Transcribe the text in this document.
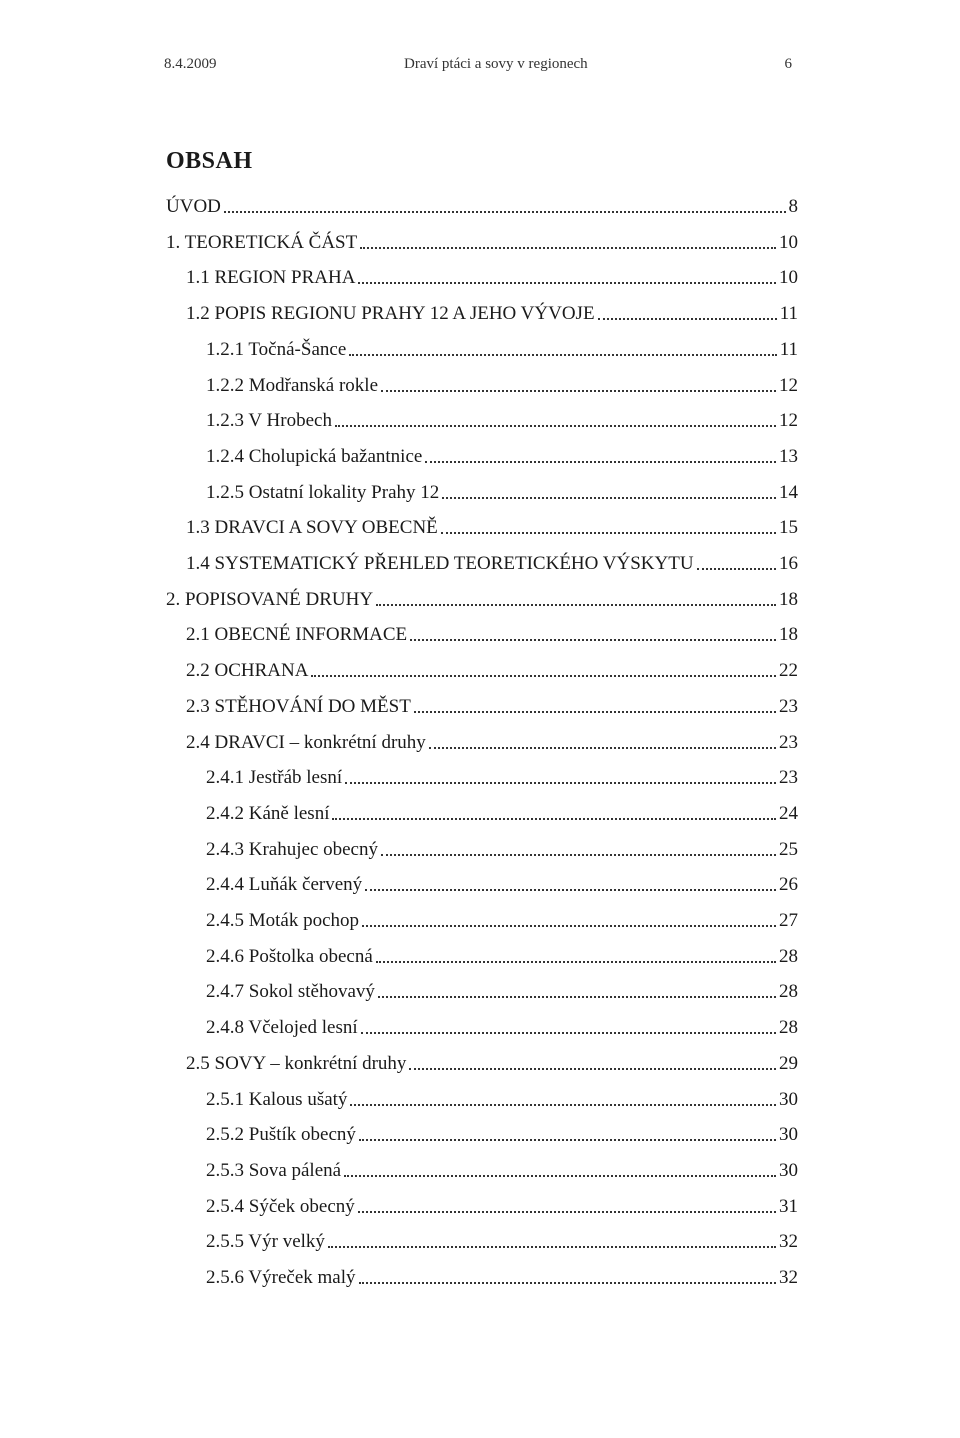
8.4.2009	Draví ptáci a sovy v regionech	6
OBSAH
ÚVOD	8
1. TEORETICKÁ ČÁST	10
1.1 REGION PRAHA	10
1.2 POPIS REGIONU PRAHY 12 A JEHO VÝVOJE	11
1.2.1 Točná-Šance	11
1.2.2 Modřanská rokle	12
1.2.3 V Hrobech	12
1.2.4 Cholupická bažantnice	13
1.2.5 Ostatní lokality Prahy 12	14
1.3 DRAVCI A SOVY OBECNĚ	15
1.4 SYSTEMATICKÝ PŘEHLED TEORETICKÉHO VÝSKYTU	16
2. POPISOVANÉ DRUHY	18
2.1 OBECNÉ INFORMACE	18
2.2 OCHRANA	22
2.3 STĚHOVÁNÍ DO MĚST	23
2.4 DRAVCI – konkrétní druhy	23
2.4.1 Jestřáb lesní	23
2.4.2 Káně lesní	24
2.4.3 Krahujec obecný	25
2.4.4 Luňák červený	26
2.4.5 Moták pochop	27
2.4.6 Poštolka obecná	28
2.4.7 Sokol stěhovavý	28
2.4.8 Včelojed lesní	28
2.5 SOVY – konkrétní druhy	29
2.5.1 Kalous ušatý	30
2.5.2 Puštík obecný	30
2.5.3 Sova pálená	30
2.5.4 Sýček obecný	31
2.5.5 Výr velký	32
2.5.6 Výreček malý	32
